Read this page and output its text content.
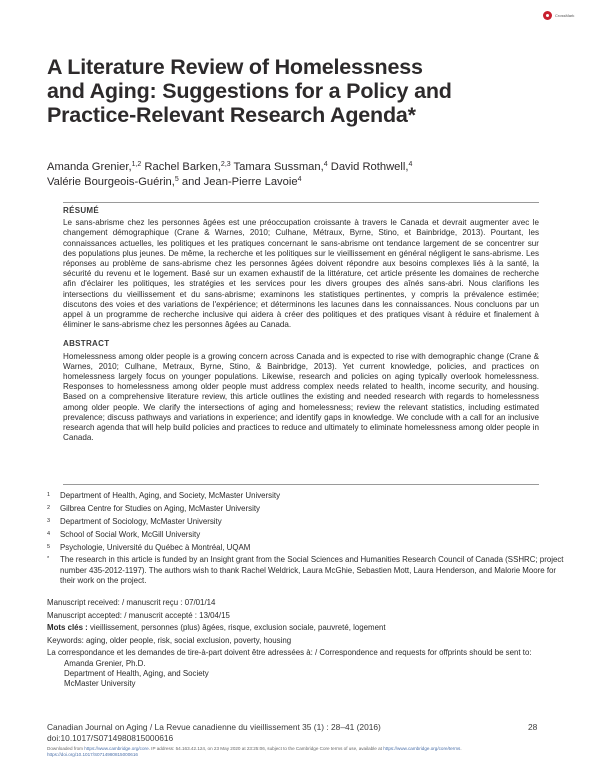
CrossMark
A Literature Review of Homelessness
and Aging: Suggestions for a Policy and
Practice-Relevant Research Agenda*
Amanda Grenier,$^{1,2}$ Rachel Barken,$^{2,3}$ Tamara Sussman,$^4$ David Rothwell,$^4$
Valérie Bourgeois-Guérin,$^5$ and Jean-Pierre Lavoie$^4$
RÉSUMÉ

Le sans-abrisme chez les personnes âgées est une préoccupation croissante à travers le Canada et devrait augmenter avec le changement démographique (Crane & Warnes, 2010; Culhane, Métraux, Byrne, Stino, et Bainbridge, 2013). Pourtant, les connaissances actuelles, les politiques et les pratiques concernant le sans-abrisme ont tendance largement de se concentrer sur des populations plus jeunes. De même, la recherche et les politiques sur le vieillissement en général négligent le sans-abrisme. Les réponses au problème de sans-abrisme chez les personnes âgées doivent répondre aux besoins complexes liés à la santé, la sécurité du revenu et le logement. Basé sur un examen exhaustif de la littérature, cet article présente les domaines de recherche afin d'éclairer les politiques, les stratégies et les services pour les divers groupes des aînés sans-abri. Nous clarifions les intersections du vieillissement et du sans-abrisme; examinons les statistiques pertinentes, y compris la prévalence estimée; discutons des voies et des variations de l'expérience; et déterminons les lacunes dans les connaissances. Nous concluons par un appel à un programme de recherche inclusive qui aidera à créer des politiques et des pratiques visant à réduire et finalement à éliminer le sans-abrisme chez les personnes âgées au Canada.

ABSTRACT

Homelessness among older people is a growing concern across Canada and is expected to rise with demographic change (Crane & Warnes, 2010; Culhane, Metraux, Byrne, Stino, & Bainbridge, 2013). Yet current knowledge, policies, and practices on homelessness largely focus on younger populations. Likewise, research and policies on aging typically overlook homelessness. Responses to homelessness among older people must address complex needs related to health, income security, and housing. Based on a comprehensive literature review, this article outlines the existing and needed research with regards to homelessness among older people. We clarify the intersections of aging and homelessness; review the relevant statistics, including estimated prevalence; discuss pathways and variations in experience; and identify gaps in knowledge. We conclude with a call for an inclusive research agenda that will help build policies and practices to reduce and ultimately to eliminate homelessness among older people in Canada.

1	Department of Health, Aging, and Society, McMaster University
2	Gilbrea Centre for Studies on Aging, McMaster University
3	Department of Sociology, McMaster University
4	School of Social Work, McGill University
5	Psychologie, Université du Québec à Montréal, UQAM
*	The research in this article is funded by an Insight grant from the Social Sciences and Humanities Research Council of Canada (SSHRC; project number 435-2012-1197). The authors wish to thank Rachel Weldrick, Laura McGhie, Sebastien Mott, Laura Henderson, and Malorie Moore for their work on the project.
Manuscript received: / manuscrit reçu : 07/01/14
Manuscript accepted: / manuscrit accepté : 13/04/15
Mots clés : vieillissement, personnes (plus) âgées, risque, exclusion sociale, pauvreté, logement
Keywords: aging, older people, risk, social exclusion, poverty, housing
La correspondance et les demandes de tire-à-part doivent être adressées à: / Correspondence and requests for offprints should be sent to:
Amanda Grenier, Ph.D.
Department of Health, Aging, and Society
McMaster University
Canadian Journal on Aging / La Revue canadienne du vieillissement 35 (1) : 28–41 (2016)
doi:10.1017/S0714980815000616
28
Downloaded from https://www.cambridge.org/core. IP address: 54.163.42.124, on 23 May 2020 at 23:25:06, subject to the Cambridge Core terms of use, available at https://www.cambridge.org/core/terms.
https://doi.org/10.1017/S0714980815000616
